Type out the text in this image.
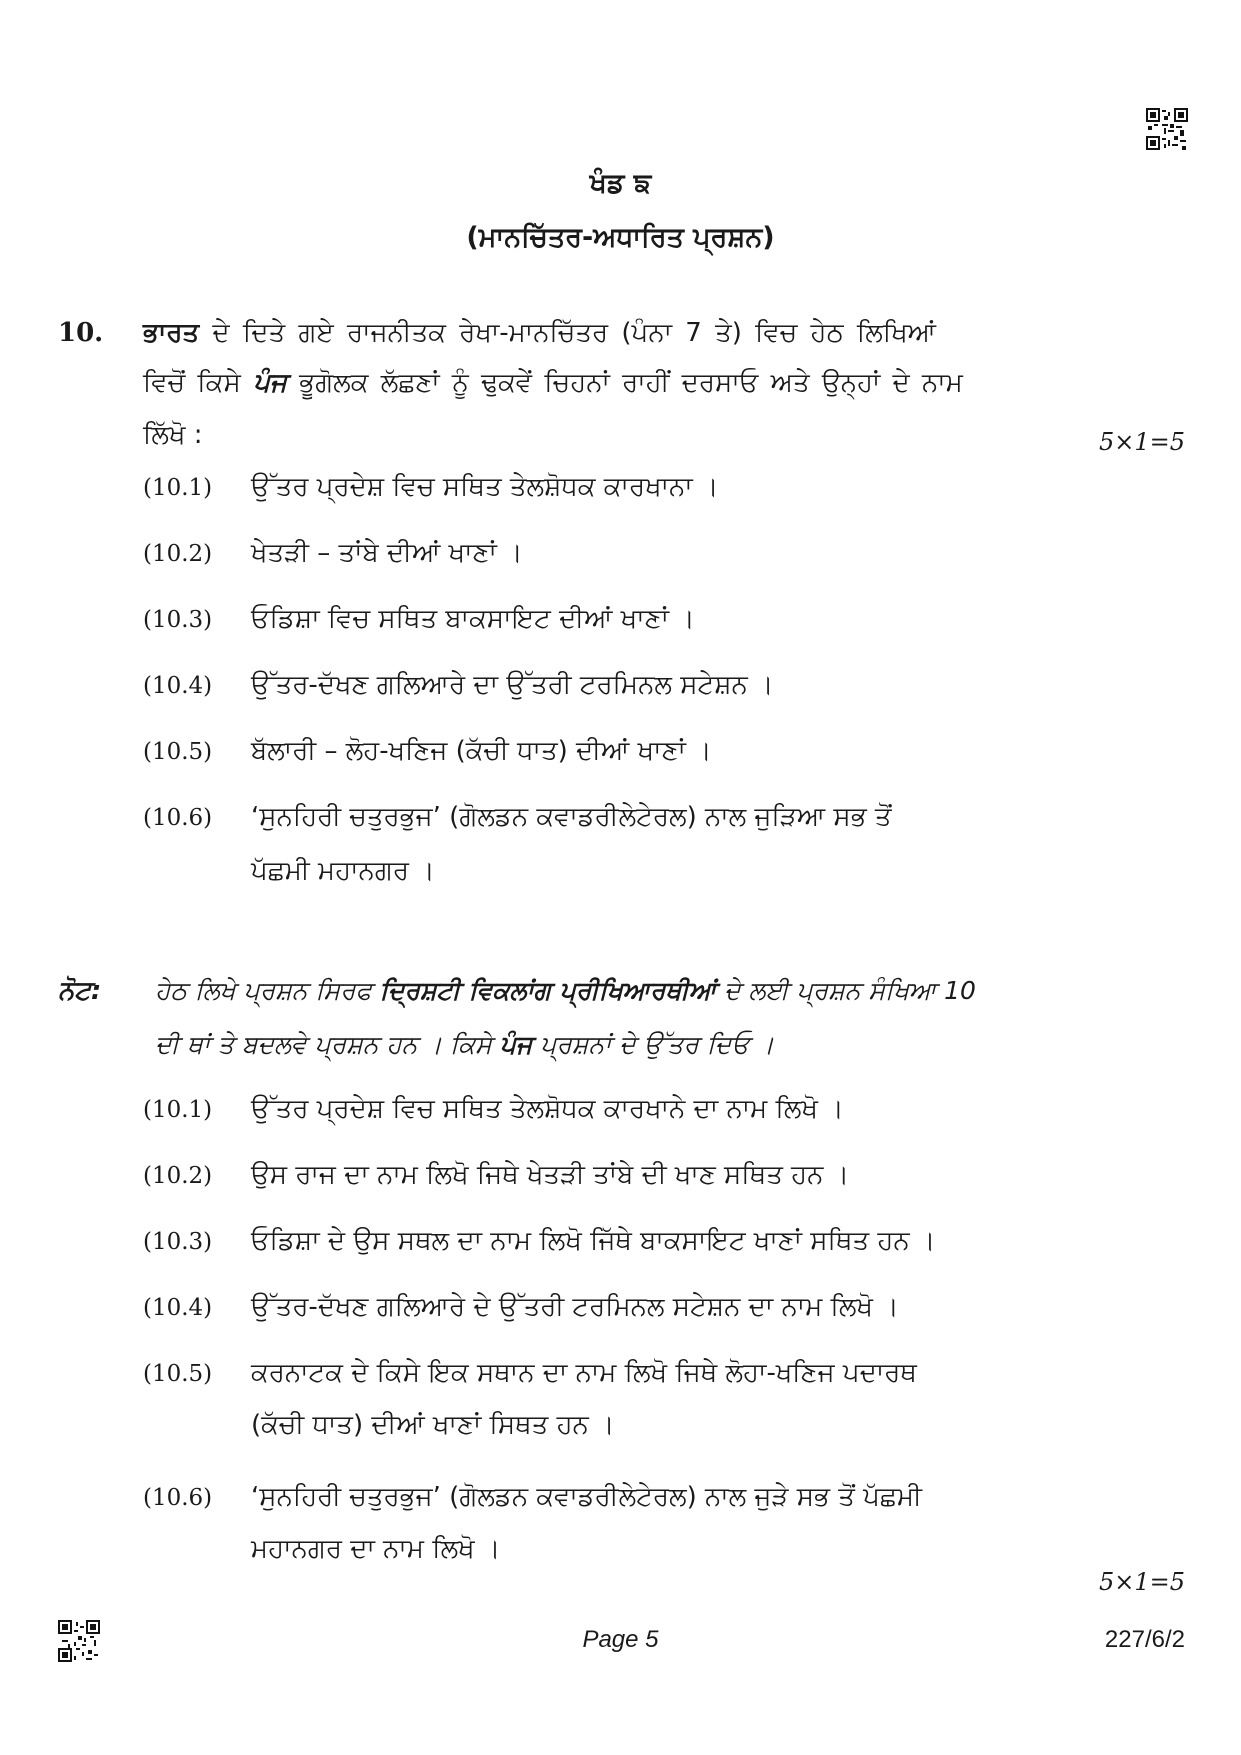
ਖੰਡ ਙ
(ਮਾਨਚਿੱਤਰ-ਅਧਾਰਿਤ ਪ੍ਰਸ਼ਨ)
10. ਭਾਰਤ ਦੇ ਦਿਤੇ ਗਏ ਰਾਜਨੀਤਕ ਰੇਖਾ-ਮਾਨਚਿੱਤਰ (ਪੰਨਾ 7 ਤੇ) ਵਿਚ ਹੇਠ ਲਿਖਿਆਂ
ਵਿਚੋਂ ਕਿਸੇ ਪੰਜ ਭੂਗੋਲਕ ਲੱਛਣਾਂ ਨੂੰ ਢੁਕਵੇਂ ਚਿਹਨਾਂ ਰਾਹੀਂ ਦਰਸਾਓ ਅਤੇ ਉਨ੍ਹਾਂ ਦੇ ਨਾਮ
ਲਿੱਖੋ :	5×1=5
(10.1) ਉੱਤਰ ਪ੍ਰਦੇਸ਼ ਵਿਚ ਸਥਿਤ ਤੇਲਸ਼ੋਧਕ ਕਾਰਖਾਨਾ ।
(10.2) ਖੇਤੜੀ – ਤਾਂਬੇ ਦੀਆਂ ਖਾਣਾਂ ।
(10.3) ਓਡਿਸ਼ਾ ਵਿਚ ਸਥਿਤ ਬਾਕਸਾਇਟ ਦੀਆਂ ਖਾਣਾਂ ।
(10.4) ਉੱਤਰ-ਦੱਖਣ ਗਲਿਆਰੇ ਦਾ ਉੱਤਰੀ ਟਰਮਿਨਲ ਸਟੇਸ਼ਨ ।
(10.5) ਬੱਲਾਰੀ – ਲੋਹ-ਖਣਿਜ (ਕੱਚੀ ਧਾਤ) ਦੀਆਂ ਖਾਣਾਂ ।
(10.6) ‘ਸੁਨਹਿਰੀ ਚਤੁਰਭੁਜ’ (ਗੋਲਡਨ ਕਵਾਡਰੀਲੇਟੇਰਲ) ਨਾਲ ਜੁੜਿਆ ਸਭ ਤੋਂ
ਪੱਛਮੀ ਮਹਾਨਗਰ ।
ਨੋਟ: ਹੇਠ ਲਿਖੇ ਪ੍ਰਸ਼ਨ ਸਿਰਫ ਦ੍ਰਿਸ਼ਟੀ ਵਿਕਲਾਂਗ ਪ੍ਰੀਖਿਆਰਥੀਆਂ ਦੇ ਲਈ ਪ੍ਰਸ਼ਨ ਸੰਖਿਆ 10
ਦੀ ਥਾਂ ਤੇ ਬਦਲਵੇ ਪ੍ਰਸ਼ਨ ਹਨ । ਕਿਸੇ ਪੰਜ ਪ੍ਰਸ਼ਨਾਂ ਦੇ ਉੱਤਰ ਦਿਓ ।
(10.1) ਉੱਤਰ ਪ੍ਰਦੇਸ਼ ਵਿਚ ਸਥਿਤ ਤੇਲਸ਼ੋਧਕ ਕਾਰਖਾਨੇ ਦਾ ਨਾਮ ਲਿਖੋ ।
(10.2) ਉਸ ਰਾਜ ਦਾ ਨਾਮ ਲਿਖੋ ਜਿਥੇ ਖੇਤੜੀ ਤਾਂਬੇ ਦੀ ਖਾਣ ਸਥਿਤ ਹਨ ।
(10.3) ਓਡਿਸ਼ਾ ਦੇ ਉਸ ਸਥਲ ਦਾ ਨਾਮ ਲਿਖੋ ਜਿੱਥੇ ਬਾਕਸਾਇਟ ਖਾਣਾਂ ਸਥਿਤ ਹਨ ।
(10.4) ਉੱਤਰ-ਦੱਖਣ ਗਲਿਆਰੇ ਦੇ ਉੱਤਰੀ ਟਰਮਿਨਲ ਸਟੇਸ਼ਨ ਦਾ ਨਾਮ ਲਿਖੋ ।
(10.5) ਕਰਨਾਟਕ ਦੇ ਕਿਸੇ ਇਕ ਸਥਾਨ ਦਾ ਨਾਮ ਲਿਖੋ ਜਿਥੇ ਲੋਹਾ-ਖਣਿਜ ਪਦਾਰਥ
(ਕੱਚੀ ਧਾਤ) ਦੀਆਂ ਖਾਣਾਂ ਸਿਥਤ ਹਨ ।
(10.6) ‘ਸੁਨਹਿਰੀ ਚਤੁਰਭੁਜ’ (ਗੋਲਡਨ ਕਵਾਡਰੀਲੇਟੇਰਲ) ਨਾਲ ਜੁੜੇ ਸਭ ਤੋਂ ਪੱਛਮੀ
ਮਹਾਨਗਰ ਦਾ ਨਾਮ ਲਿਖੋ ।
5×1=5
Page 5	227/6/2
